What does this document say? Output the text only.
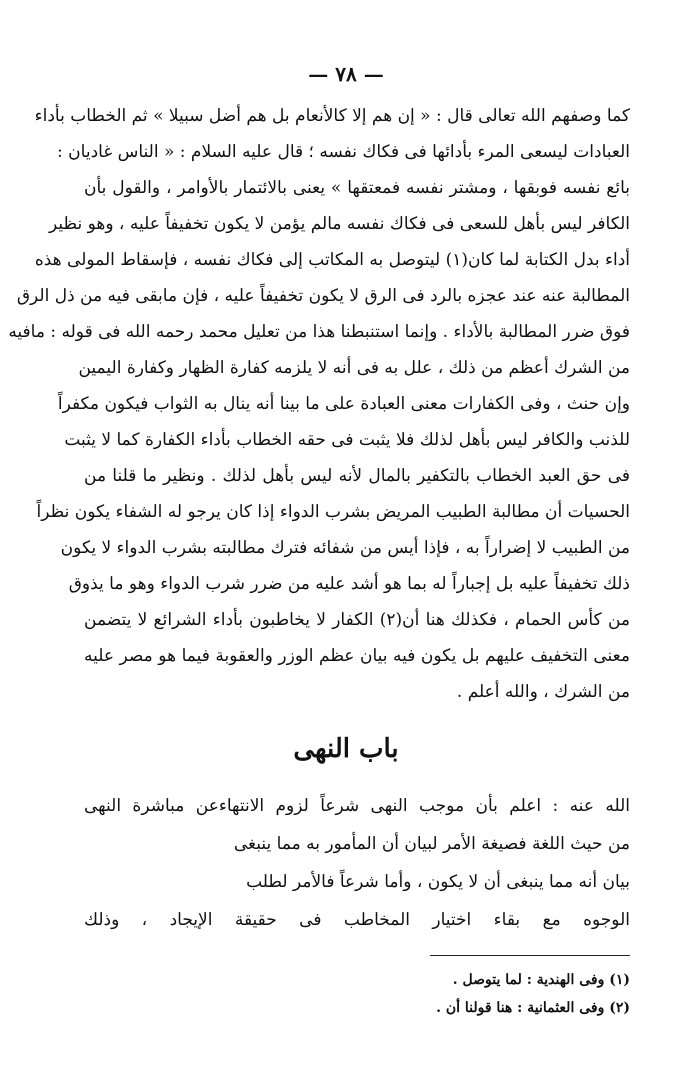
— ٧٨ —
كما وصفهم الله تعالى قال : « إن هم إلا كالأنعام بل هم أضل سبيلا » ثم الخطاب بأداء
العبادات ليسعى المرء بأدائها فى فكاك نفسه ؛ قال عليه السلام : « الناس غاديان :
بائع نفسه فوبقها ، ومشتر نفسه فمعتقها » يعنى بالائتمار بالأوامر ، والقول بأن
الكافر ليس بأهل للسعى فى فكاك نفسه مالم يؤمن لا يكون تخفيفاً عليه ، وهو نظير
أداء بدل الكتابة لما كان(١) ليتوصل به المكاتب إلى فكاك نفسه ، فإسقاط المولى هذه
المطالبة عنه عند عجزه بالرد فى الرق لا يكون تخفيفاً عليه ، فإن مابقى فيه من ذل الرق
فوق ضرر المطالبة بالأداء . وإنما استنبطنا هذا من تعليل محمد رحمه الله فى قوله : مافيه
من الشرك أعظم من ذلك ، علل به فى أنه لا يلزمه كفارة الظهار وكفارة اليمين
وإن حنث ، وفى الكفارات معنى العبادة على ما بينا أنه ينال به الثواب فيكون مكفراً
للذنب والكافر ليس بأهل لذلك فلا يثبت فى حقه الخطاب بأداء الكفارة كما لا يثبت
فى حق العبد الخطاب بالتكفير بالمال لأنه ليس بأهل لذلك . ونظير ما قلنا من
الحسيات أن مطالبة الطبيب المريض بشرب الدواء إذا كان يرجو له الشفاء يكون نظراً
من الطبيب لا إضراراً به ، فإذا أيس من شفائه فترك مطالبته بشرب الدواء لا يكون
ذلك تخفيفاً عليه بل إجباراً له بما هو أشد عليه من ضرر شرب الدواء وهو ما يذوق
من كأس الحمام ، فكذلك هنا أن(٢) الكفار لا يخاطبون بأداء الشرائع لا يتضمن
معنى التخفيف عليهم بل يكون فيه بيان عظم الوزر والعقوبة فيما هو مصر عليه
من الشرك ، والله أعلم .
باب النهى
الله عنه : اعلم بأن موجب النهى شرعاً لزوم الانتهاءعن مباشرة النهى
من حيث اللغة فصيغة الأمر لبيان أن المأمور به مما ينبغى
بيان أنه مما ينبغى أن لا يكون ، وأما شرعاً فالأمر لطلب
الوجوه مع بقاء اختيار المخاطب فى حقيقة الإيجاد ، وذلك
(١) وفى الهندية : لما يتوصل .
(٢) وفى العثمانية : هنا قولنا أن .
